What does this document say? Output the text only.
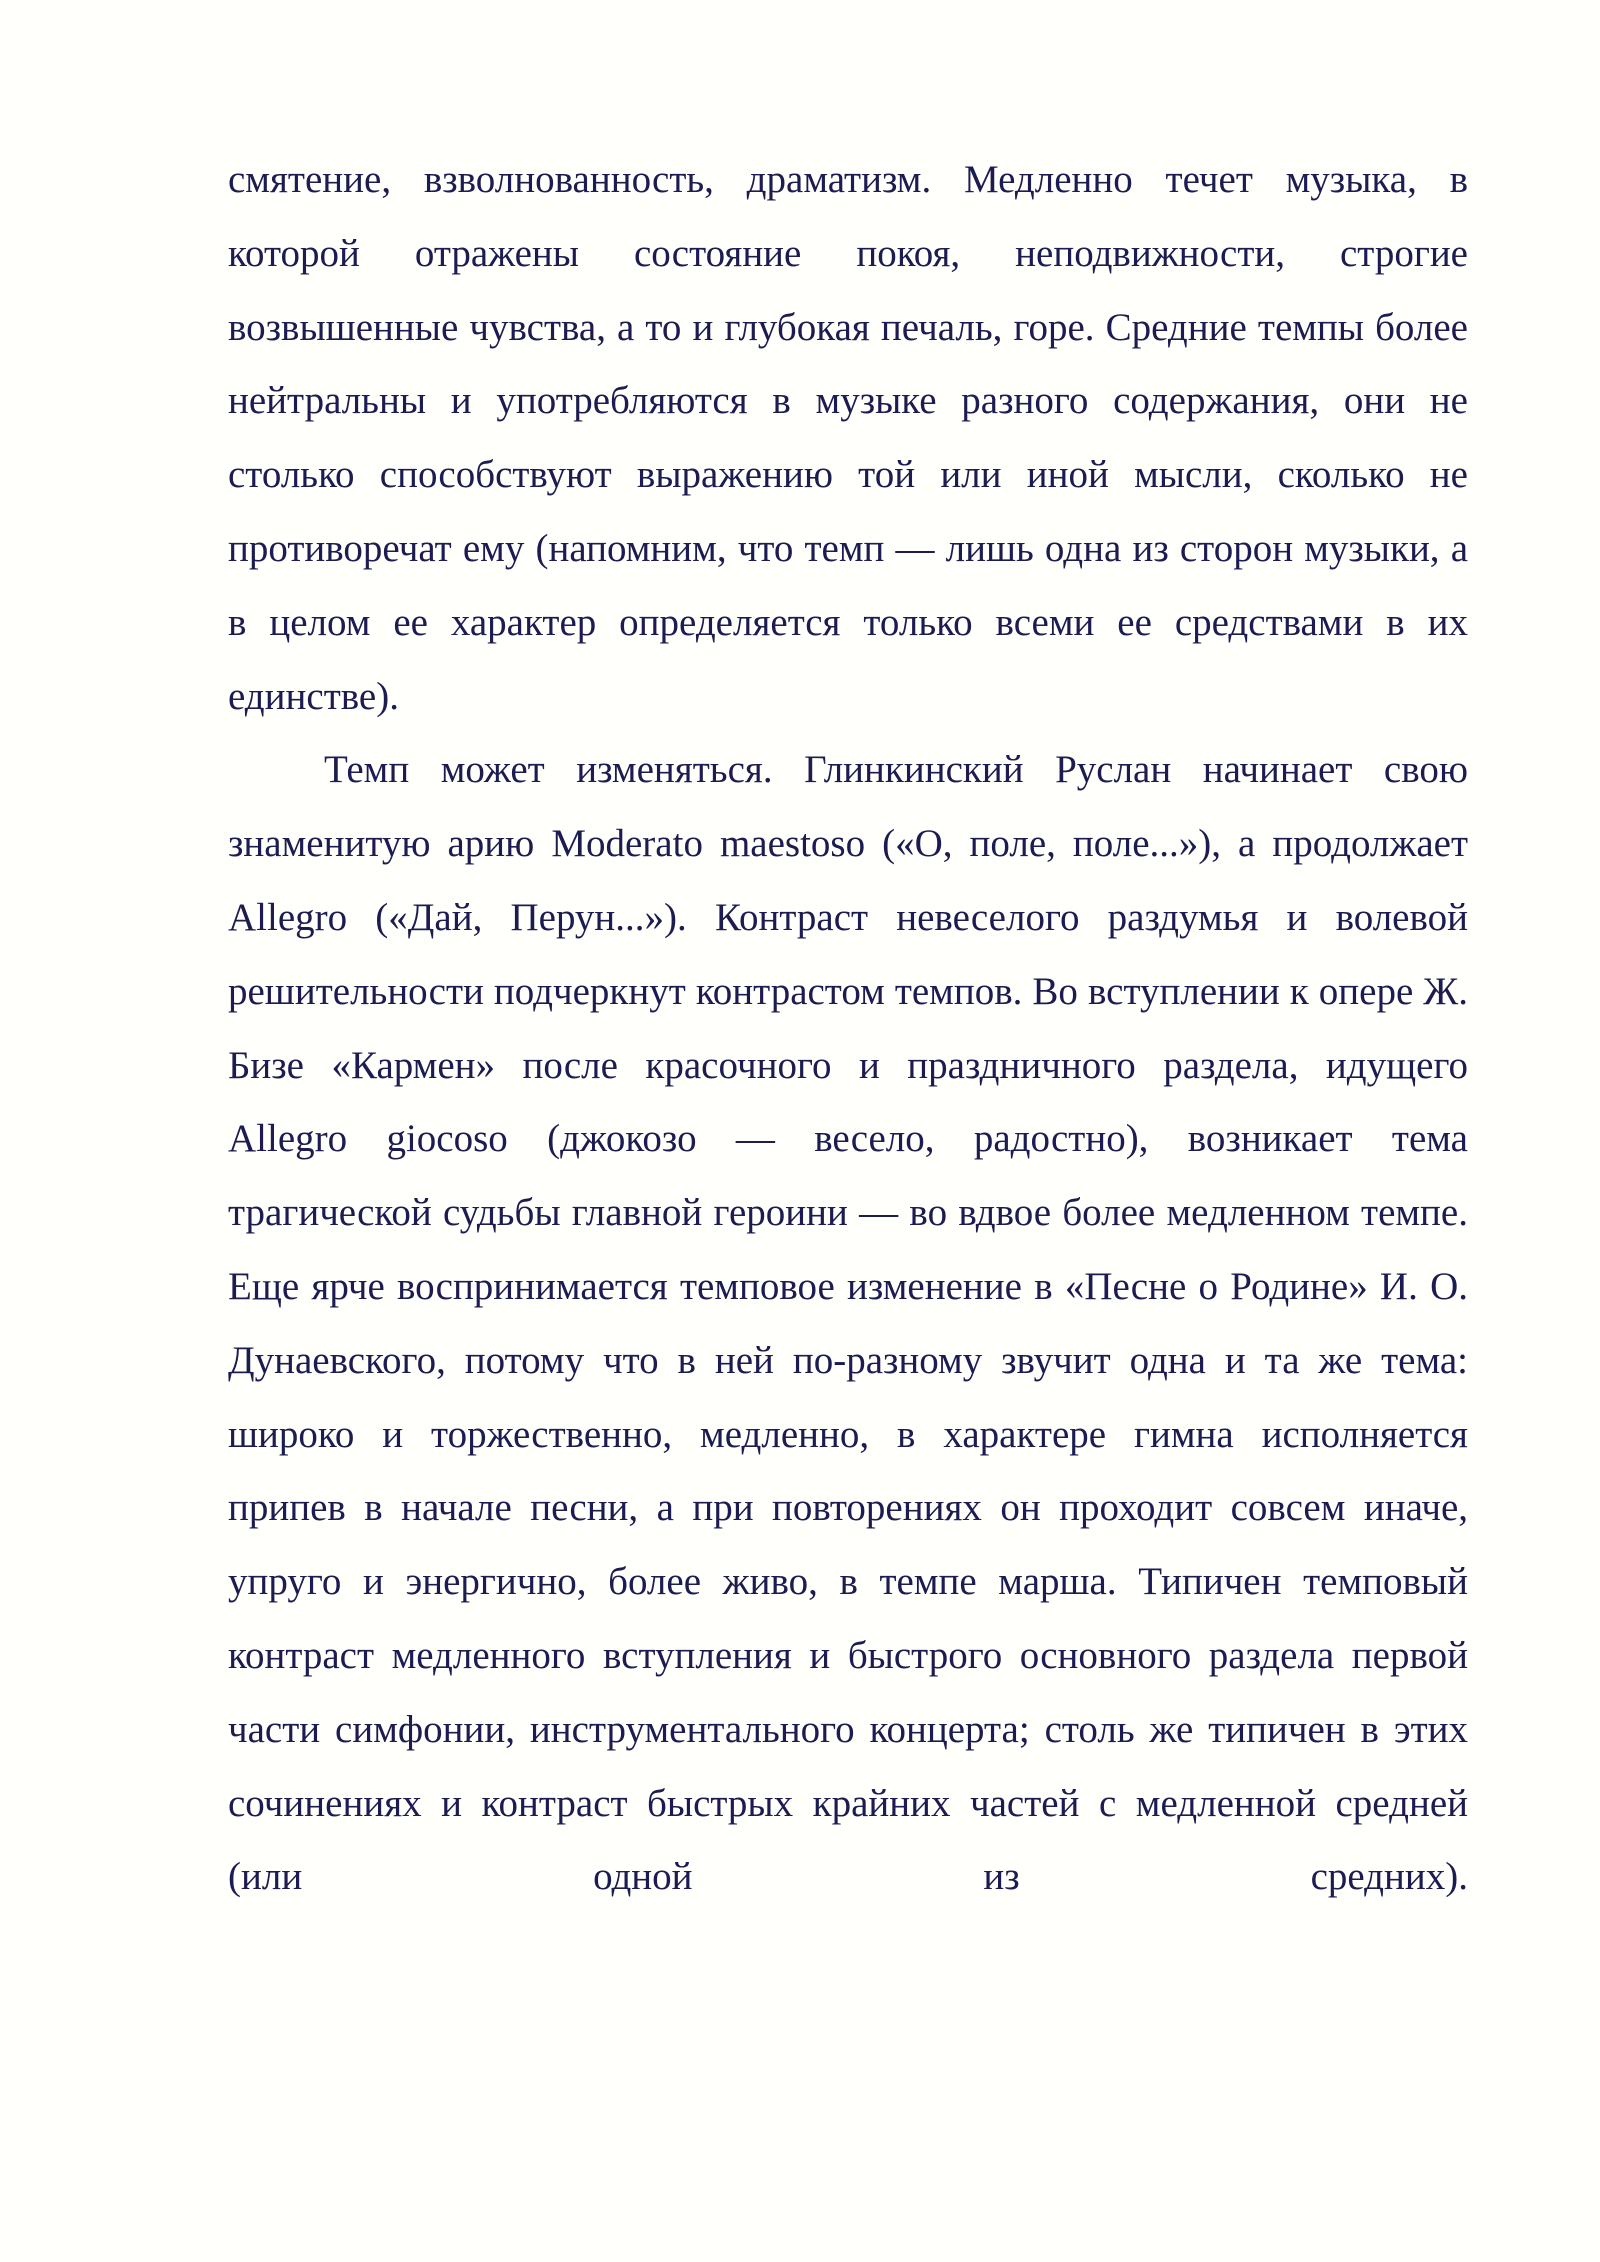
смятение, взволнованность, драматизм. Медленно течет музыка, в которой отражены состояние покоя, неподвижности, строгие возвышенные чувства, а то и глубокая печаль, горе. Средние темпы более нейтральны и употребляются в музыке разного содержания, они не столько способствуют выражению той или иной мысли, сколько не противоречат ему (напомним, что темп — лишь одна из сторон музыки, а в целом ее характер определяется только всеми ее средствами в их единстве).

Темп может изменяться. Глинкинский Руслан начинает свою знаменитую арию Moderato maestoso («О, поле, поле...»), а продолжает Allegro («Дай, Перун...»). Контраст невеселого раздумья и волевой решительности подчеркнут контрастом темпов. Во вступлении к опере Ж. Бизе «Кармен» после красочного и праздничного раздела, идущего Allegro giocoso (джокозо — весело, радостно), возникает тема трагической судьбы главной героини — во вдвое более медленном темпе. Еще ярче воспринимается темповое изменение в «Песне о Родине» И. О. Дунаевского, потому что в ней по-разному звучит одна и та же тема: широко и торжественно, медленно, в характере гимна исполняется припев в начале песни, а при повторениях он проходит совсем иначе, упруго и энергично, более живо, в темпе марша. Типичен темповый контраст медленного вступления и быстрого основного раздела первой части симфонии, инструментального концерта; столь же типичен в этих сочинениях и контраст быстрых крайних частей с медленной средней (или одной из средних).
